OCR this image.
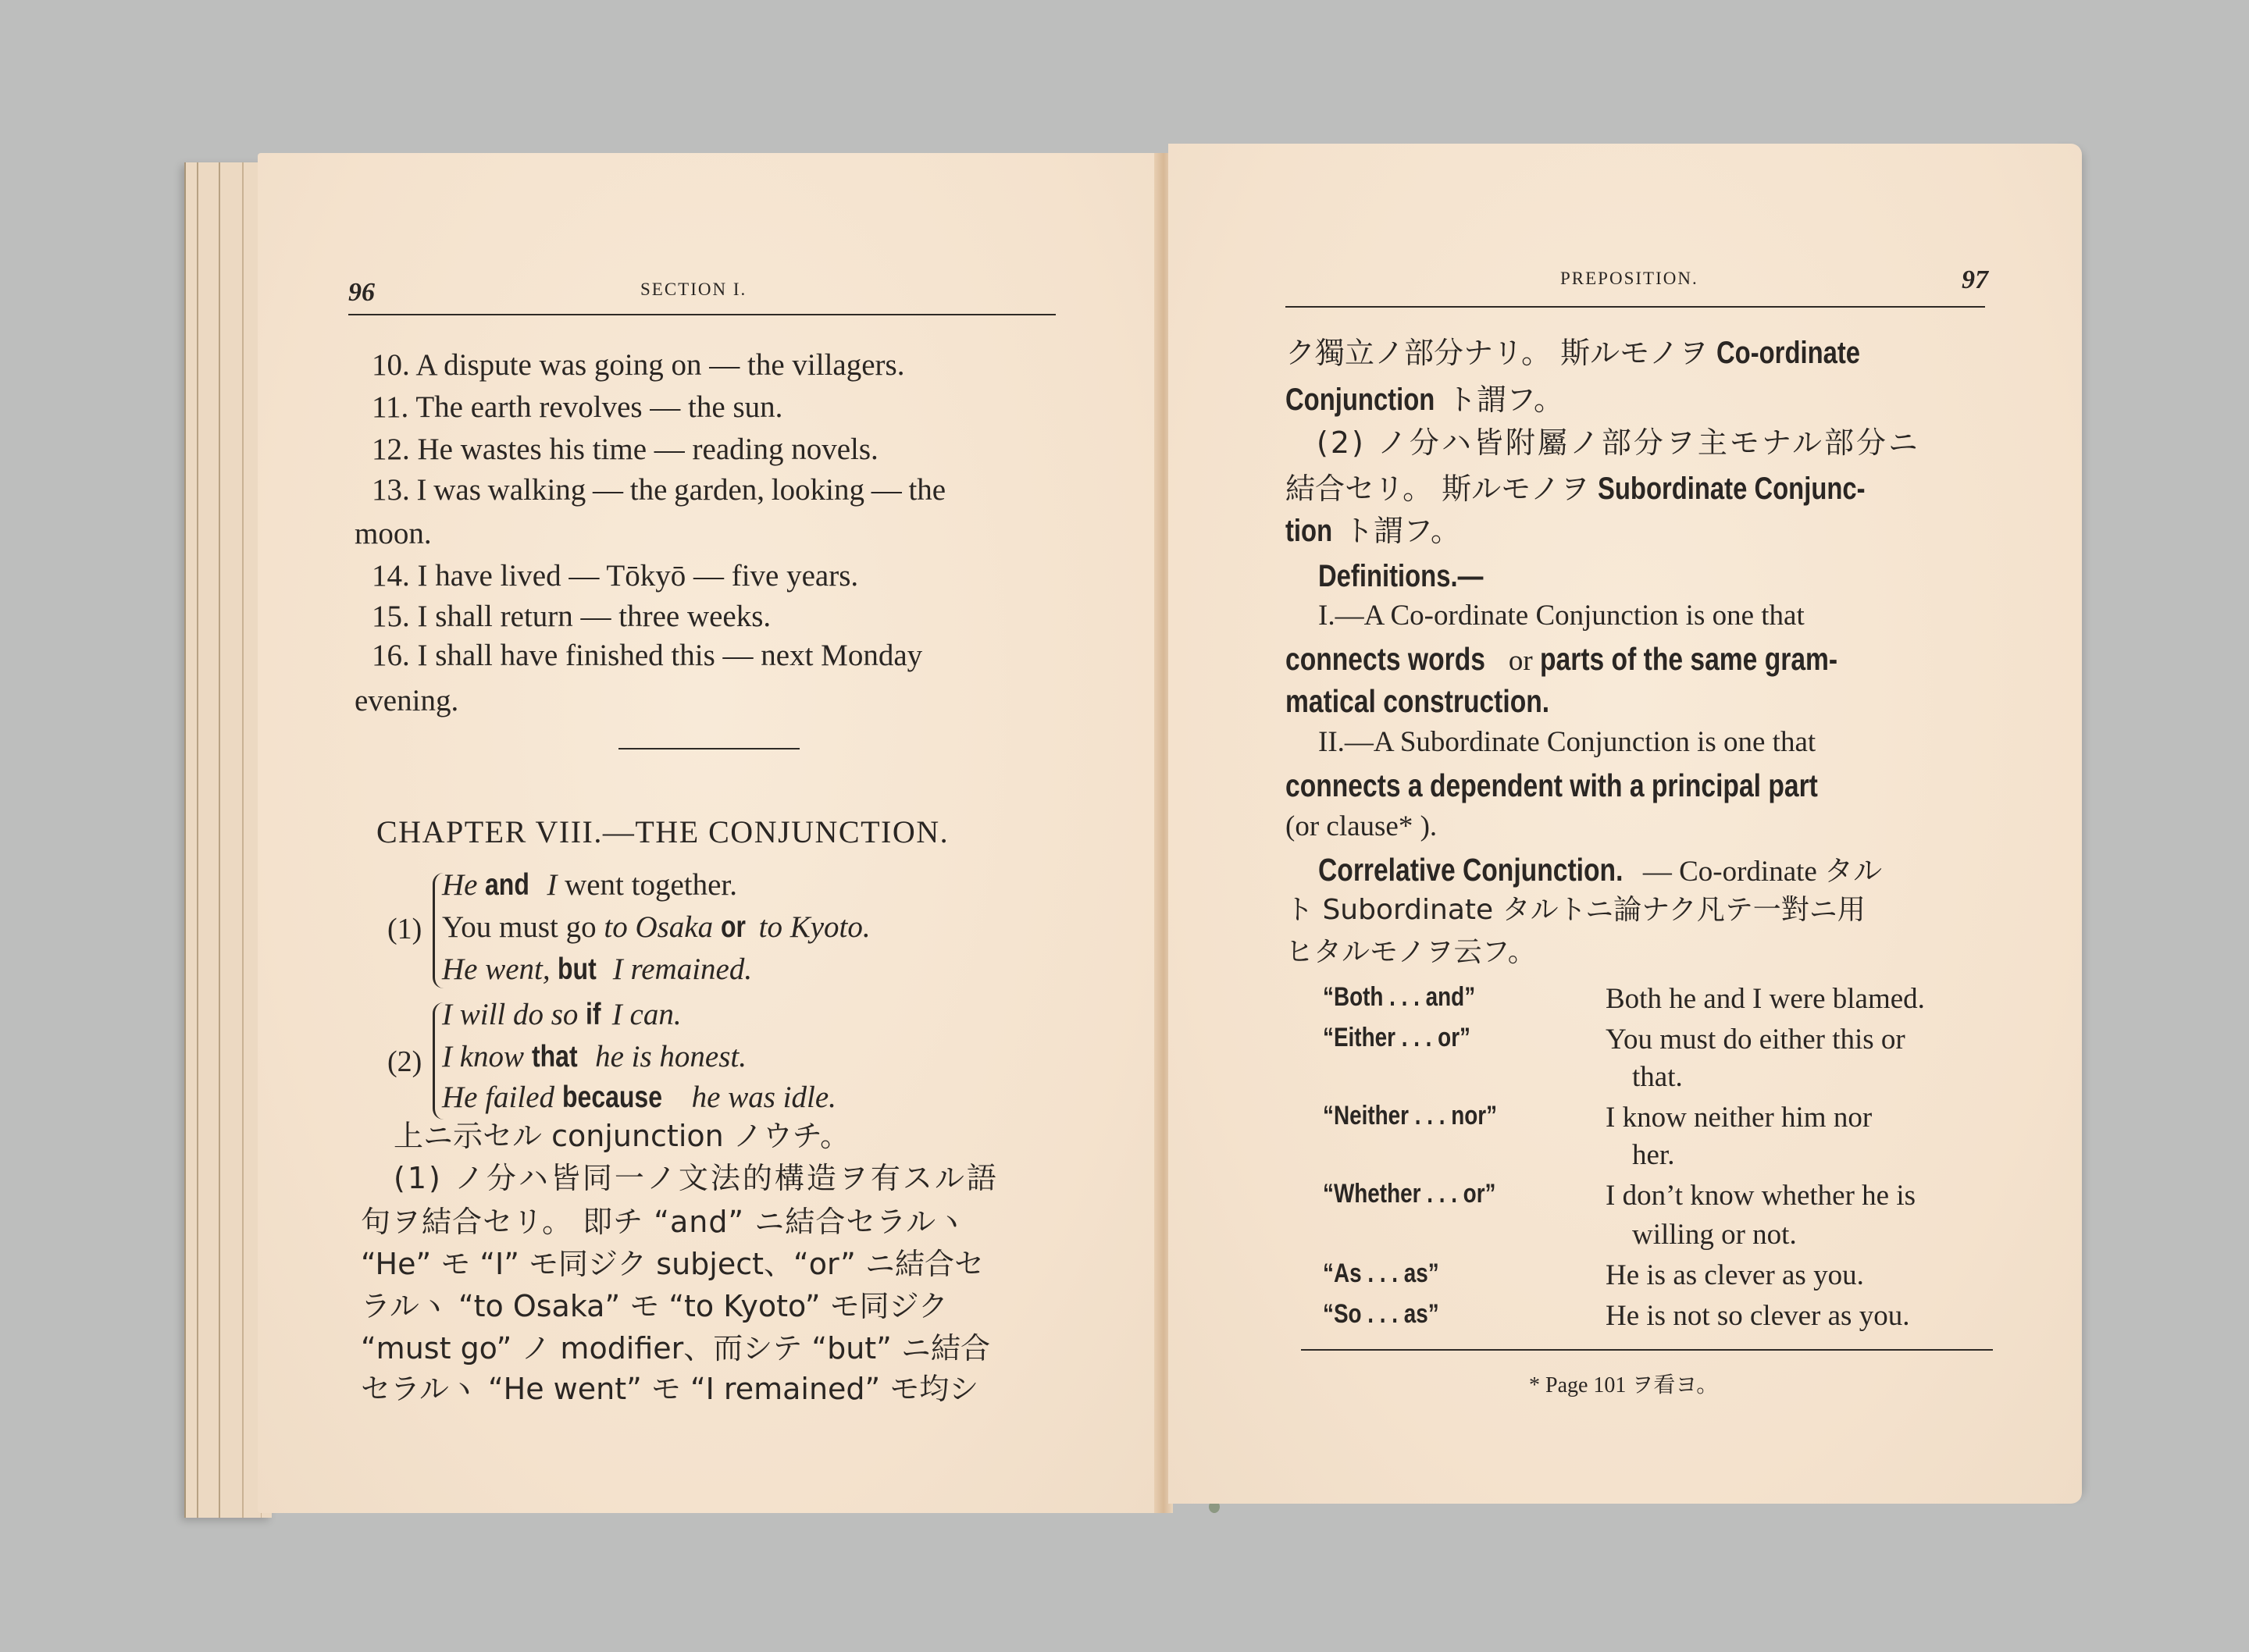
96	SECTION I.
10. A dispute was going on — the villagers.
11. The earth revolves — the sun.
12. He wastes his time — reading novels.
13. I was walking — the garden, looking — the
moon.
14. I have lived — Tōkyō — five years.
15. I shall return — three weeks.
16. I shall have finished this — next Monday
evening.
CHAPTER VIII.—THE CONJUNCTION.
(1)
He and I went together.
You must go to Osaka or to Kyoto.
He went, but I remained.
(2)
I will do so if I can.
I know that he is honest.
He failed because he was idle.
上ニ示セル conjunction ノウチ。
(1) ノ分ハ皆同一ノ文法的構造ヲ有スル語
句ヲ結合セリ。 即チ “and” ニ結合セラルヽ
“He” モ “I” モ同ジク subject、“or” ニ結合セ
ラルヽ “to Osaka” モ “to Kyoto” モ同ジク
“must go” ノ modifier、而シテ “but” ニ結合
セラルヽ “He went” モ “I remained” モ均シ
PREPOSITION.	97
ク獨立ノ部分ナリ。 斯ルモノヲ Co-ordinate
Conjunction ト謂フ。
(2) ノ分ハ皆附屬ノ部分ヲ主モナル部分ニ
結合セリ。 斯ルモノヲ Subordinate Conjunc-
tion ト謂フ。
Definitions.—
I.—A Co-ordinate Conjunction is one that
connects words or parts of the same gram-
matical construction.
II.—A Subordinate Conjunction is one that
connects a dependent with a principal part
(or clause* ).
Correlative Conjunction. — Co-ordinate タル
ト Subordinate タルトニ論ナク凡テ一對ニ用
ヒタルモノヲ云フ。
“Both . . . and”	Both he and I were blamed.
“Either . . . or”	You must do either this or
that.
“Neither . . . nor”	I know neither him nor
her.
“Whether . . . or”	I don’t know whether he is
willing or not.
“As . . . as”	He is as clever as you.
“So . . . as”	He is not so clever as you.
* Page 101 ヲ看ヨ。
